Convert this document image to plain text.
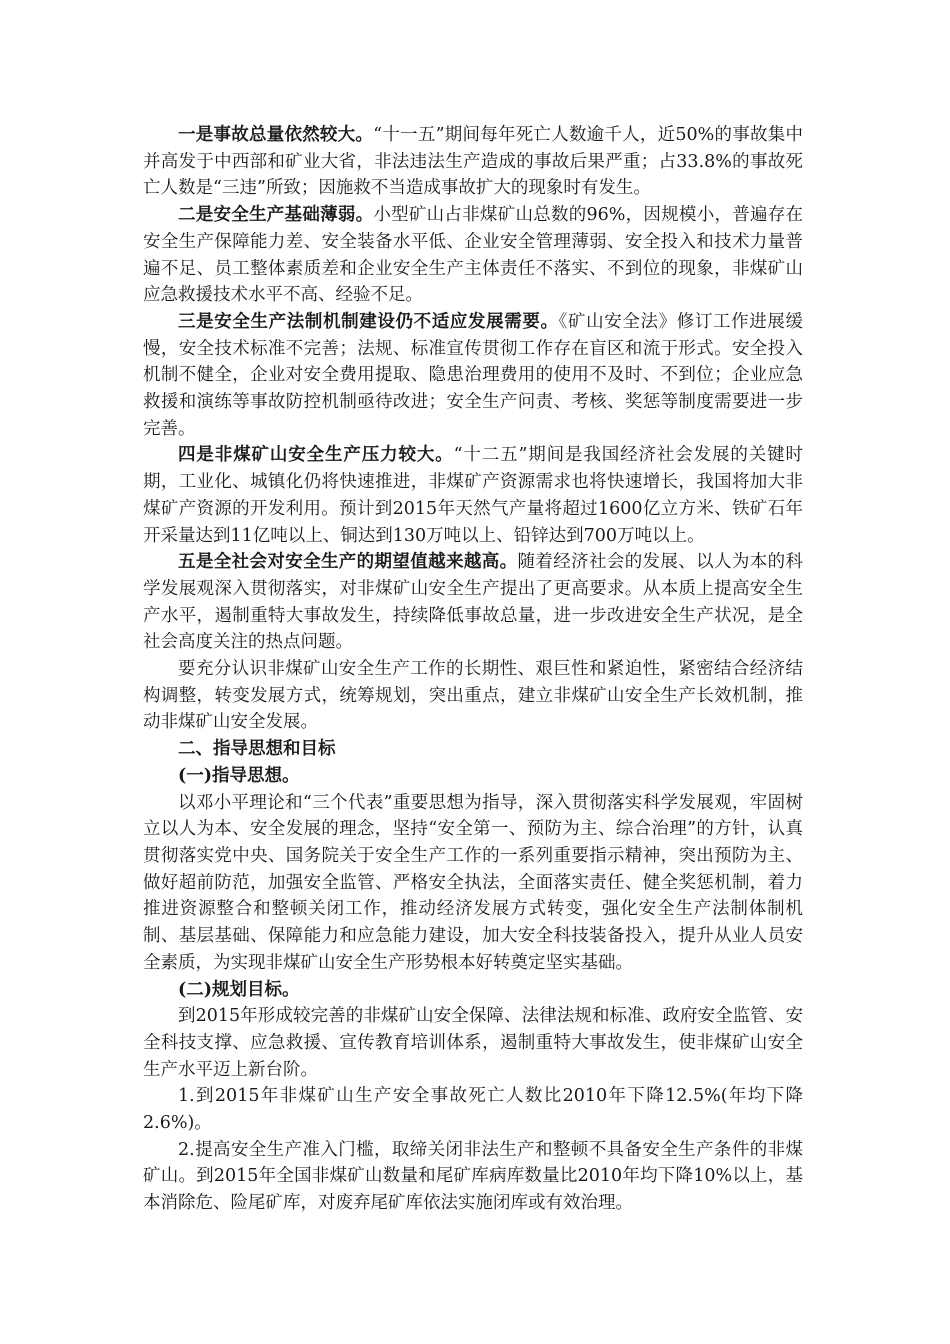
一是事故总量依然较大。“十一五”期间每年死亡人数逾千人，近50%的事故集中并高发于中西部和矿业大省，非法违法生产造成的事故后果严重；占33.8%的事故死亡人数是“三违”所致；因施救不当造成事故扩大的现象时有发生。

二是安全生产基础薄弱。小型矿山占非煤矿山总数的96%，因规模小，普遍存在安全生产保障能力差、安全装备水平低、企业安全管理薄弱、安全投入和技术力量普遍不足、员工整体素质差和企业安全生产主体责任不落实、不到位的现象，非煤矿山应急救援技术水平不高、经验不足。

三是安全生产法制机制建设仍不适应发展需要。《矿山安全法》修订工作进展缓慢，安全技术标准不完善；法规、标准宣传贯彻工作存在盲区和流于形式。安全投入机制不健全，企业对安全费用提取、隐患治理费用的使用不及时、不到位；企业应急救援和演练等事故防控机制亟待改进；安全生产问责、考核、奖惩等制度需要进一步完善。

四是非煤矿山安全生产压力较大。“十二五”期间是我国经济社会发展的关键时期，工业化、城镇化仍将快速推进，非煤矿产资源需求也将快速增长，我国将加大非煤矿产资源的开发利用。预计到2015年天然气产量将超过1600亿立方米、铁矿石年开采量达到11亿吨以上、铜达到130万吨以上、铅锌达到700万吨以上。

五是全社会对安全生产的期望值越来越高。随着经济社会的发展、以人为本的科学发展观深入贯彻落实，对非煤矿山安全生产提出了更高要求。从本质上提高安全生产水平，遏制重特大事故发生，持续降低事故总量，进一步改进安全生产状况，是全社会高度关注的热点问题。

要充分认识非煤矿山安全生产工作的长期性、艰巨性和紧迫性，紧密结合经济结构调整，转变发展方式，统筹规划，突出重点，建立非煤矿山安全生产长效机制，推动非煤矿山安全发展。

二、指导思想和目标

(一)指导思想。

以邓小平理论和“三个代表”重要思想为指导，深入贯彻落实科学发展观，牢固树立以人为本、安全发展的理念，坚持“安全第一、预防为主、综合治理”的方针，认真贯彻落实党中央、国务院关于安全生产工作的一系列重要指示精神，突出预防为主、做好超前防范，加强安全监管、严格安全执法，全面落实责任、健全奖惩机制，着力推进资源整合和整顿关闭工作，推动经济发展方式转变，强化安全生产法制体制机制、基层基础、保障能力和应急能力建设，加大安全科技装备投入，提升从业人员安全素质，为实现非煤矿山安全生产形势根本好转奠定坚实基础。

(二)规划目标。

到2015年形成较完善的非煤矿山安全保障、法律法规和标准、政府安全监管、安全科技支撑、应急救援、宣传教育培训体系，遏制重特大事故发生，使非煤矿山安全生产水平迈上新台阶。

1.到2015年非煤矿山生产安全事故死亡人数比2010年下降12.5%(年均下降2.6%)。

2.提高安全生产准入门槛，取缔关闭非法生产和整顿不具备安全生产条件的非煤矿山。到2015年全国非煤矿山数量和尾矿库病库数量比2010年均下降10%以上，基本消除危、险尾矿库，对废弃尾矿库依法实施闭库或有效治理。
